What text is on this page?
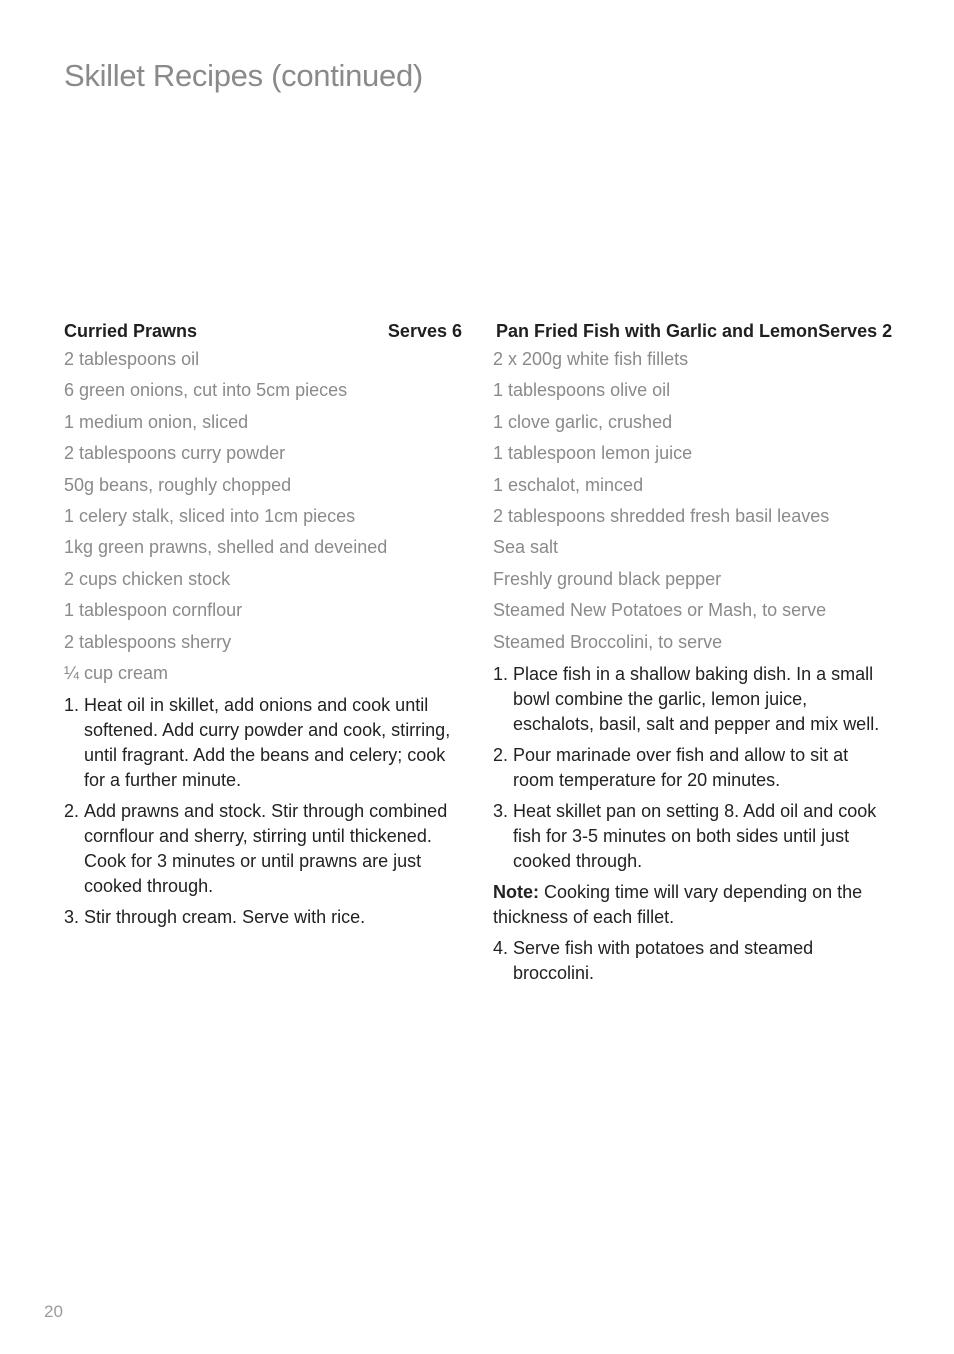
Skillet Recipes (continued)
Curried Prawns	Serves 6
2 tablespoons oil
6 green onions, cut into 5cm pieces
1 medium onion, sliced
2 tablespoons curry powder
50g beans, roughly chopped
1 celery stalk, sliced into 1cm pieces
1kg green prawns, shelled and deveined
2 cups chicken stock
1 tablespoon cornflour
2 tablespoons sherry
¼ cup cream
1. Heat oil in skillet, add onions and cook until softened. Add curry powder and cook, stirring, until fragrant. Add the beans and celery; cook for a further minute.
2. Add prawns and stock. Stir through combined cornflour and sherry, stirring until thickened. Cook for 3 minutes or until prawns are just cooked through.
3. Stir through cream. Serve with rice.
Pan Fried Fish with Garlic and Lemon Serves 2
2 x 200g white fish fillets
1 tablespoons olive oil
1 clove garlic, crushed
1 tablespoon lemon juice
1 eschalot, minced
2 tablespoons shredded fresh basil leaves
Sea salt
Freshly ground black pepper
Steamed New Potatoes or Mash, to serve
Steamed Broccolini, to serve
1. Place fish in a shallow baking dish. In a small bowl combine the garlic, lemon juice, eschalots, basil, salt and pepper and mix well.
2. Pour marinade over fish and allow to sit at room temperature for 20 minutes.
3. Heat skillet pan on setting 8. Add oil and cook fish for 3-5 minutes on both sides until just cooked through.
Note: Cooking time will vary depending on the thickness of each fillet.
4. Serve fish with potatoes and steamed broccolini.
20
